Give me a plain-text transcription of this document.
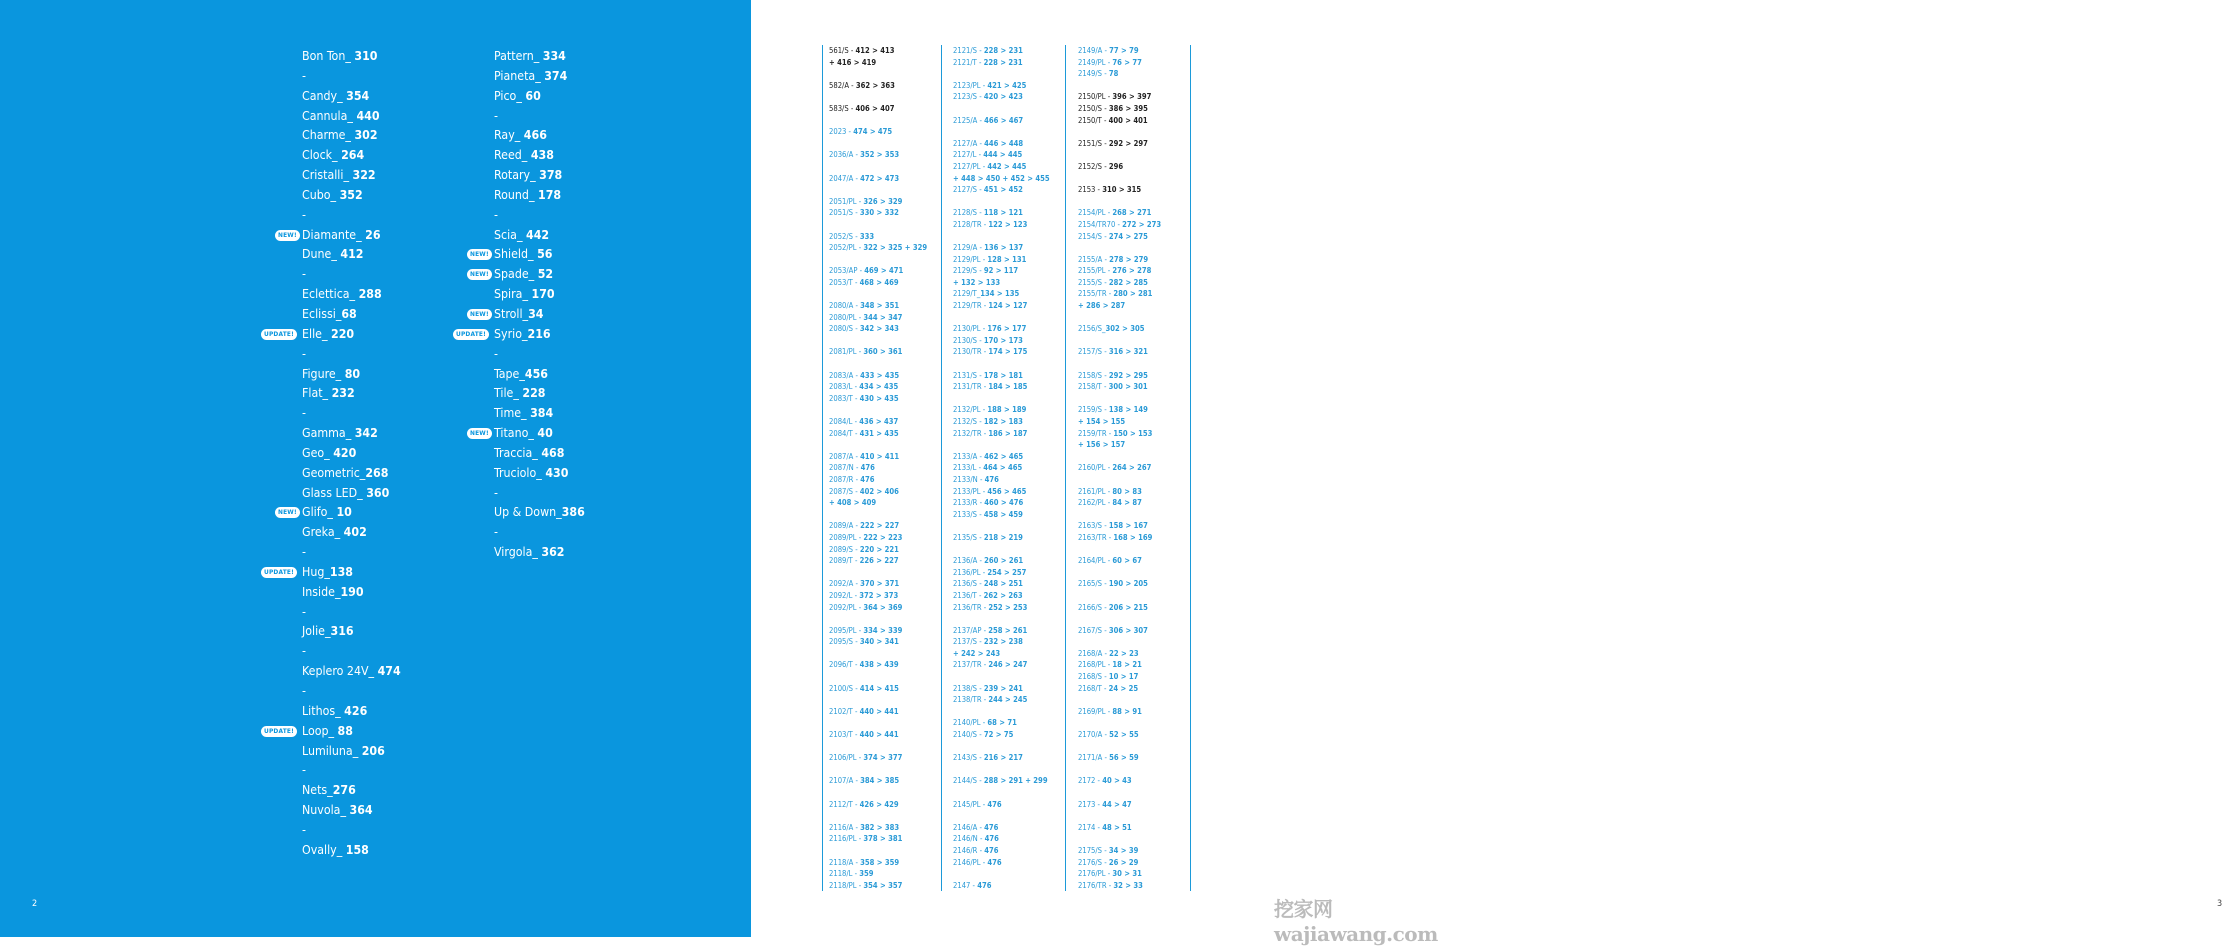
Bon Ton_ 310
-
Candy_ 354
Cannula_ 440
Charme_ 302
Clock_ 264
Cristalli_ 322
Cubo_ 352
-
NEW! Diamante_ 26
Dune_ 412
-
Eclettica_ 288
Eclissi_68
UPDATE! Elle_ 220
-
Figure_ 80
Flat_ 232
-
Gamma_ 342
Geo_ 420
Geometric_268
Glass LED_ 360
NEW! Glifo_ 10
Greka_ 402
-
UPDATE! Hug_138
Inside_190
-
Jolie_316
-
Keplero 24V_ 474
-
Lithos_ 426
UPDATE! Loop_ 88
Lumiluna_ 206
-
Nets_276
Nuvola_ 364
-
Ovally_ 158
Pattern_ 334
Pianeta_ 374
Pico_ 60
-
Ray_ 466
Reed_ 438
Rotary_ 378
Round_ 178
-
Scia_ 442
NEW! Shield_ 56
NEW! Spade_ 52
Spira_ 170
NEW! Stroll_34
UPDATE! Syrio_216
-
Tape_456
Tile_ 228
Time_ 384
NEW! Titano_ 40
Traccia_ 468
Truciolo_ 430
-
Up & Down_386
-
Virgola_ 362
2
561/S - 412 > 413
+ 416 > 419
582/A - 362 > 363
583/S - 406 > 407
2023 - 474 > 475
2036/A - 352 > 353
2047/A - 472 > 473
2051/PL - 326 > 329
2051/S - 330 > 332
2052/S - 333
2052/PL - 322 > 325 + 329
2053/AP - 469 > 471
2053/T - 468 > 469
2080/A - 348 > 351
2080/PL - 344 > 347
2080/S - 342 > 343
2081/PL - 360 > 361
2083/A - 433 > 435
2083/L - 434 > 435
2083/T - 430 > 435
2084/L - 436 > 437
2084/T - 431 > 435
2087/A - 410 > 411
2087/N - 476
2087/R - 476
2087/S - 402 > 406
+ 408 > 409
2089/A - 222 > 227
2089/PL - 222 > 223
2089/S - 220 > 221
2089/T - 226 > 227
2092/A - 370 > 371
2092/L - 372 > 373
2092/PL - 364 > 369
2095/PL - 334 > 339
2095/S - 340 > 341
2096/T - 438 > 439
2100/S - 414 > 415
2102/T - 440 > 441
2103/T - 440 > 441
2106/PL - 374 > 377
2107/A - 384 > 385
2112/T - 426 > 429
2116/A - 382 > 383
2116/PL - 378 > 381
2118/A - 358 > 359
2118/L - 359
2118/PL - 354 > 357
2121/S - 228 > 231
2121/T - 228 > 231
2123/PL - 421 > 425
2123/S - 420 > 423
2125/A - 466 > 467
2127/A - 446 > 448
2127/L - 444 > 445
2127/PL - 442 > 445
+ 448 > 450 + 452 > 455
2127/S - 451 > 452
2128/S - 118 > 121
2128/TR - 122 > 123
2129/A - 136 > 137
2129/PL - 128 > 131
2129/S - 92 > 117
+ 132 > 133
2129/T_134 > 135
2129/TR - 124 > 127
2130/PL - 176 > 177
2130/S - 170 > 173
2130/TR - 174 > 175
2131/S - 178 > 181
2131/TR - 184 > 185
2132/PL - 188 > 189
2132/S - 182 > 183
2132/TR - 186 > 187
2133/A - 462 > 465
2133/L - 464 > 465
2133/N - 476
2133/PL - 456 > 465
2133/R - 460 > 476
2133/S - 458 > 459
2135/S - 218 > 219
2136/A - 260 > 261
2136/PL - 254 > 257
2136/S - 248 > 251
2136/T - 262 > 263
2136/TR - 252 > 253
2137/AP - 258 > 261
2137/S - 232 > 238
+ 242 > 243
2137/TR - 246 > 247
2138/S - 239 > 241
2138/TR - 244 > 245
2140/PL - 68 > 71
2140/S - 72 > 75
2143/S - 216 > 217
2144/S - 288 > 291 + 299
2145/PL - 476
2146/A - 476
2146/N - 476
2146/R - 476
2146/PL - 476
2147 - 476
2149/A - 77 > 79
2149/PL - 76 > 77
2149/S - 78
2150/PL - 396 > 397
2150/S - 386 > 395
2150/T - 400 > 401
2151/S - 292 > 297
2152/S - 296
2153 - 310 > 315
2154/PL - 268 > 271
2154/TR70 - 272 > 273
2154/S - 274 > 275
2155/A - 278 > 279
2155/PL - 276 > 278
2155/S - 282 > 285
2155/TR - 280 > 281
+ 286 > 287
2156/S_302 > 305
2157/S - 316 > 321
2158/S - 292 > 295
2158/T - 300 > 301
2159/S - 138 > 149
+ 154 > 155
2159/TR - 150 > 153
+ 156 > 157
2160/PL - 264 > 267
2161/PL - 80 > 83
2162/PL - 84 > 87
2163/S - 158 > 167
2163/TR - 168 > 169
2164/PL - 60 > 67
2165/S - 190 > 205
2166/S - 206 > 215
2167/S - 306 > 307
2168/A - 22 > 23
2168/PL - 18 > 21
2168/S - 10 > 17
2168/T - 24 > 25
2169/PL - 88 > 91
2170/A - 52 > 55
2171/A - 56 > 59
2172 - 40 > 43
2173 - 44 > 47
2174 - 48 > 51
2175/S - 34 > 39
2176/S - 26 > 29
2176/PL - 30 > 31
2176/TR - 32 > 33
3
挖家网 wajiawang.com
